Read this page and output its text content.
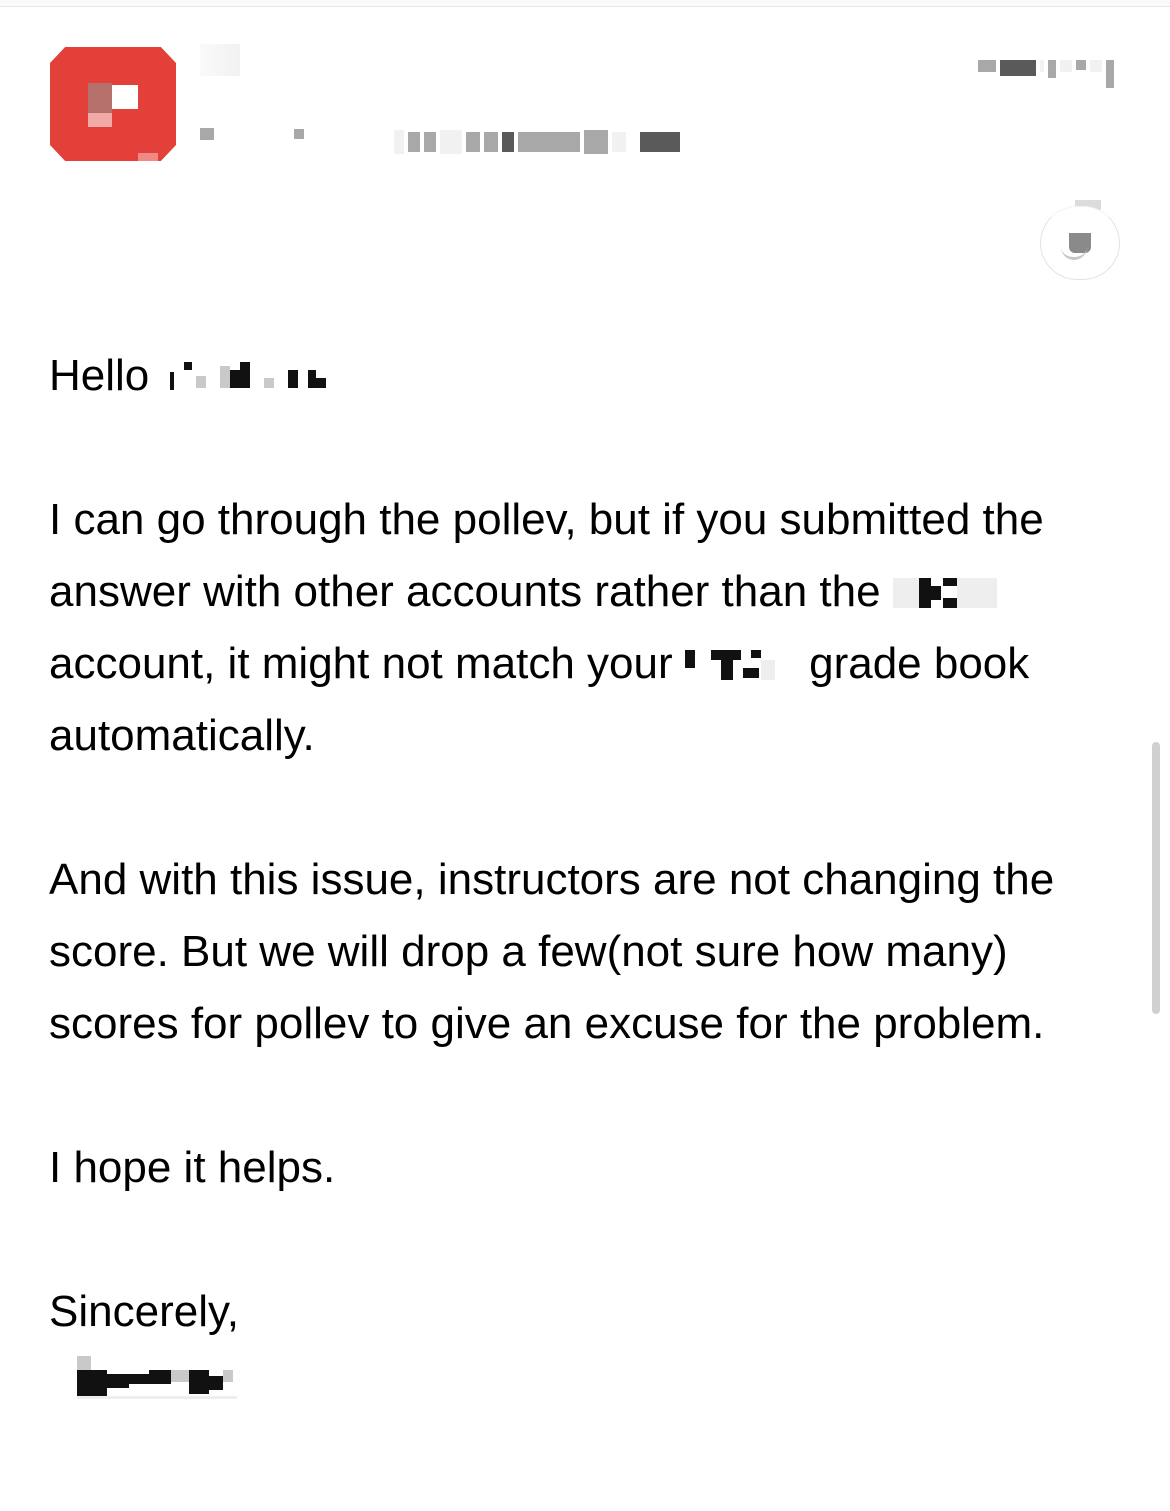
Hello

I can go through the pollev, but if you submitted the answer with other accounts rather than the
account, it might not match your	grade book automatically.

And with this issue, instructors are not changing the score. But we will drop a few(not sure how many) scores for pollev to give an excuse for the problem.

I hope it helps.

Sincerely,
